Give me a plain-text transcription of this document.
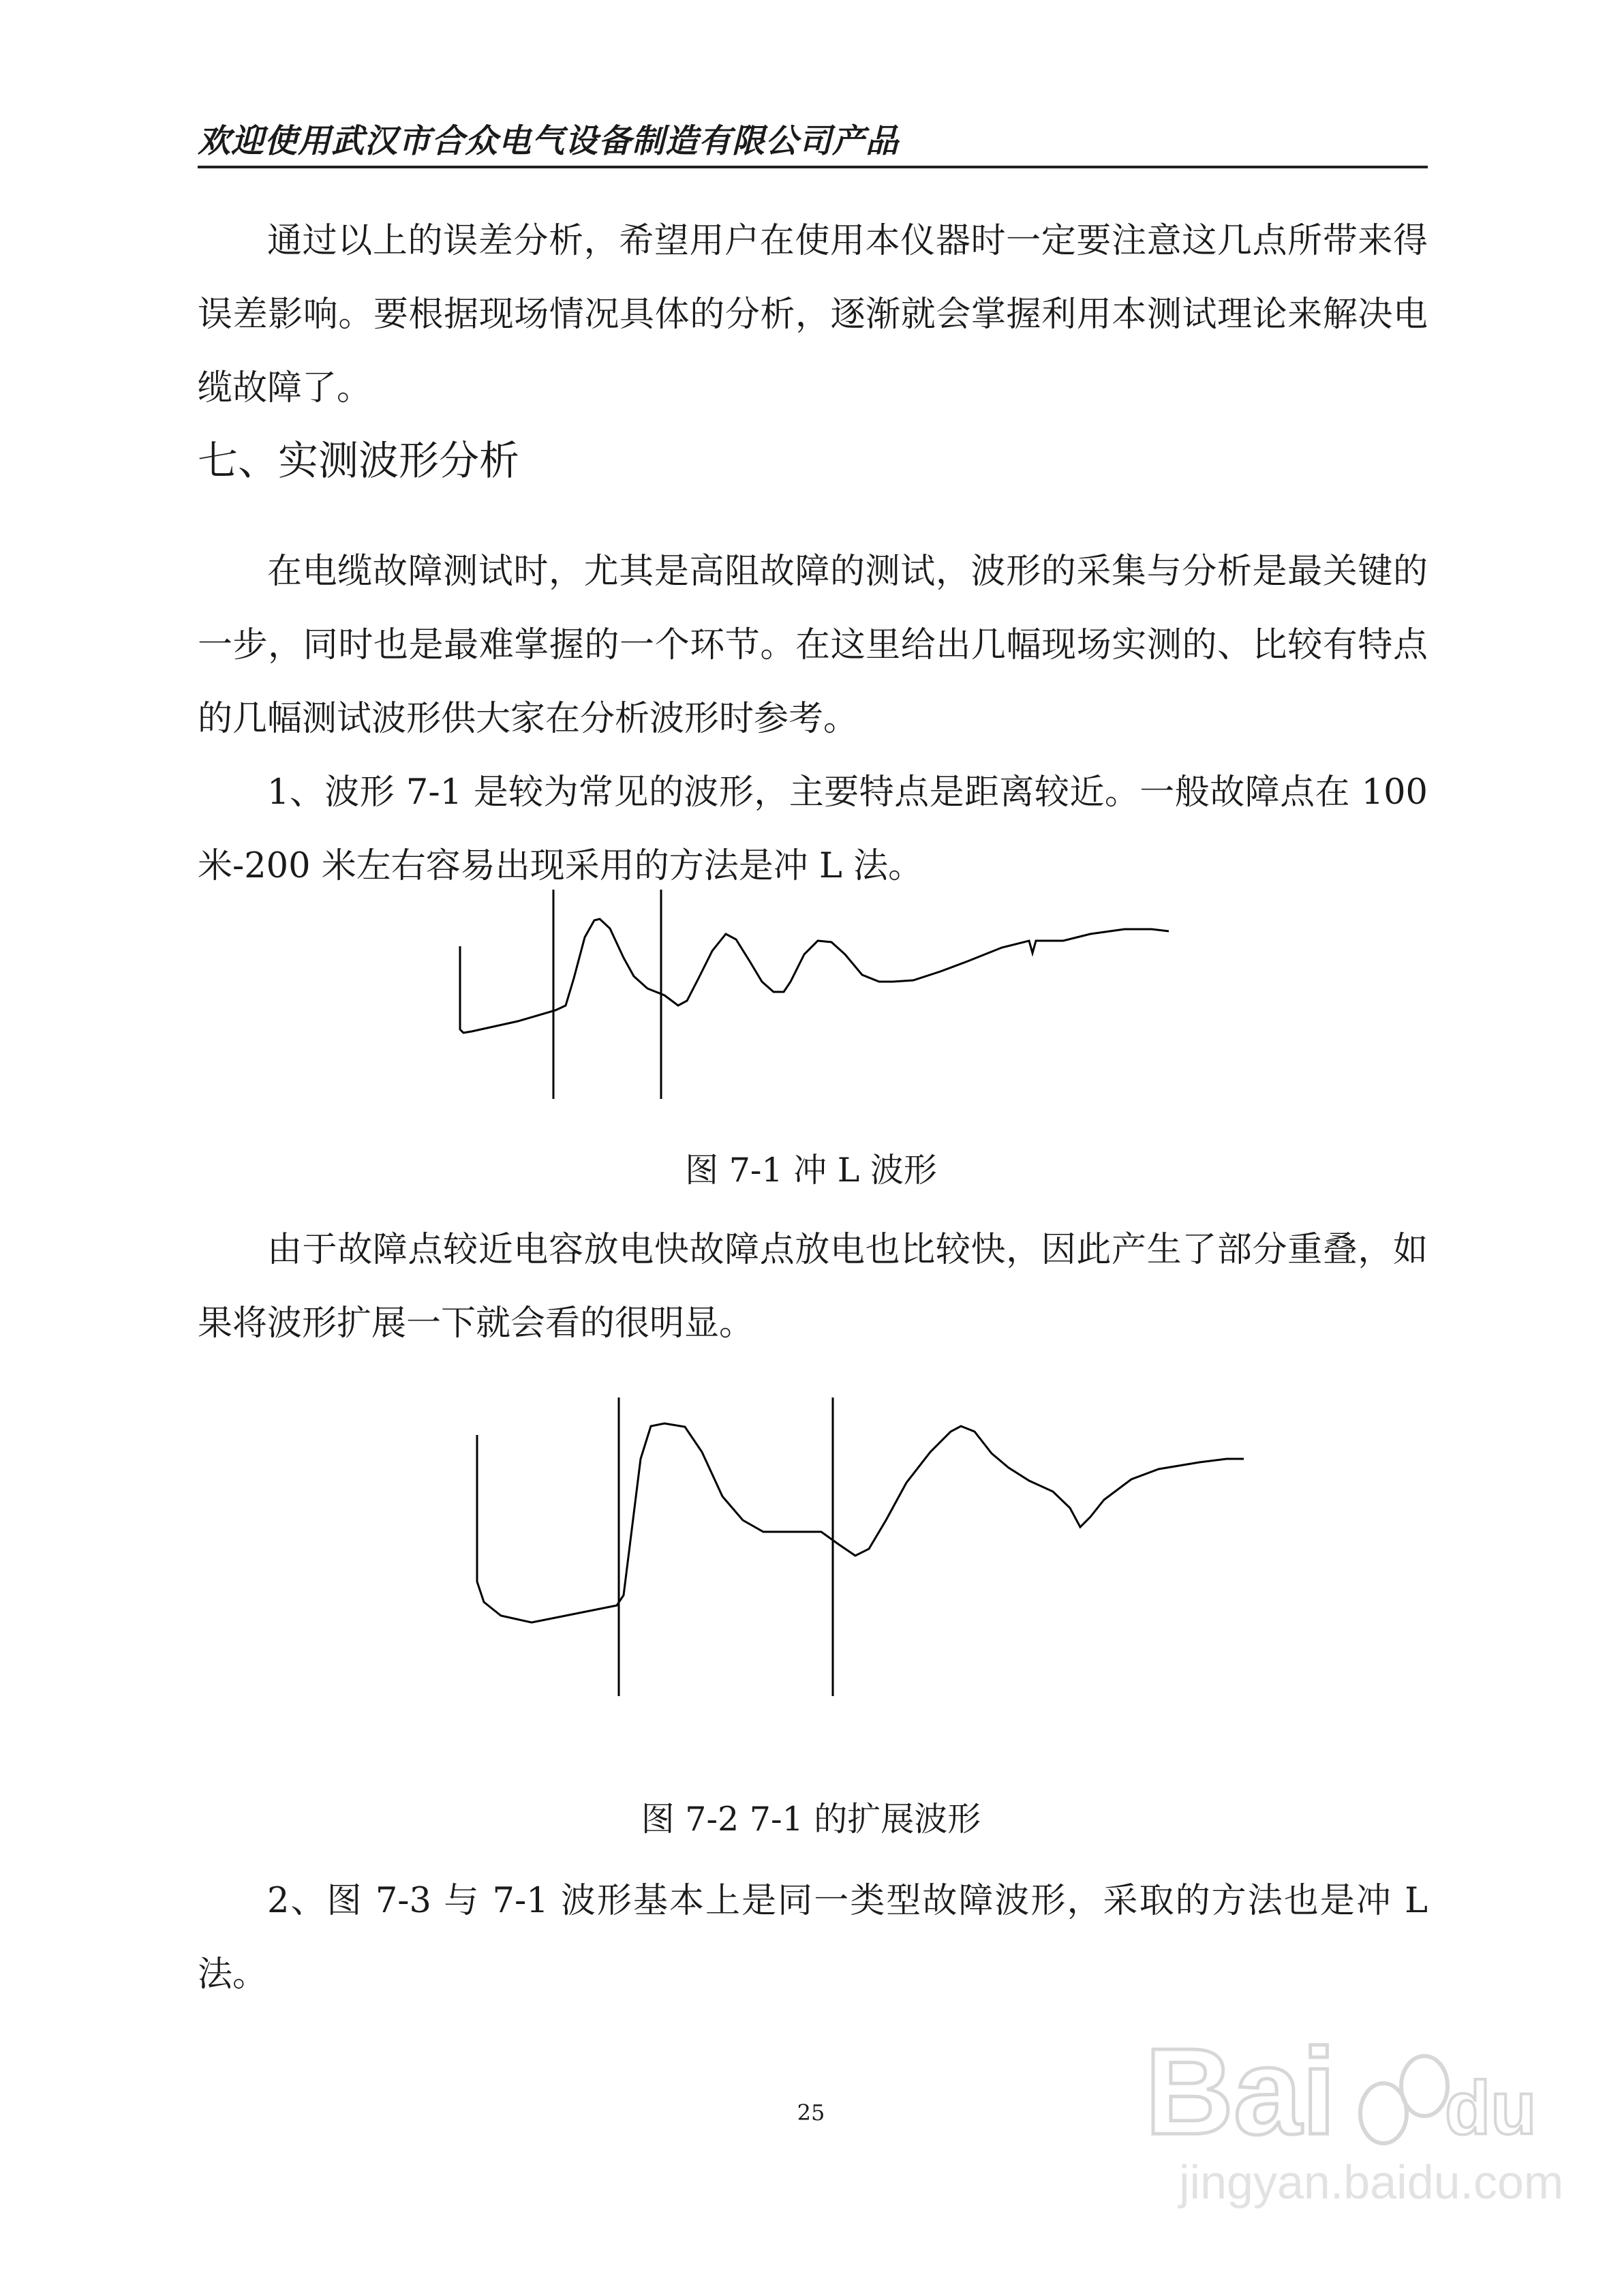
欢迎使用武汉市合众电气设备制造有限公司产品

通过以上的误差分析，希望用户在使用本仪器时一定要注意这几点所带来得误差影响。要根据现场情况具体的分析，逐渐就会掌握利用本测试理论来解决电缆故障了。

七、实测波形分析

在电缆故障测试时，尤其是高阻故障的测试，波形的采集与分析是最关键的一步，同时也是最难掌握的一个环节。在这里给出几幅现场实测的、比较有特点的几幅测试波形供大家在分析波形时参考。

1、波形 7-1 是较为常见的波形，主要特点是距离较近。一般故障点在 100 米-200 米左右容易出现采用的方法是冲 L 法。

图 7-1 冲 L 波形

由于故障点较近电容放电快故障点放电也比较快，因此产生了部分重叠，如果将波形扩展一下就会看的很明显。

图 7-2 7-1 的扩展波形

2、图 7-3 与 7-1 波形基本上是同一类型故障波形，采取的方法也是冲 L 法。

25	Bai du
jingyan.baidu.com
